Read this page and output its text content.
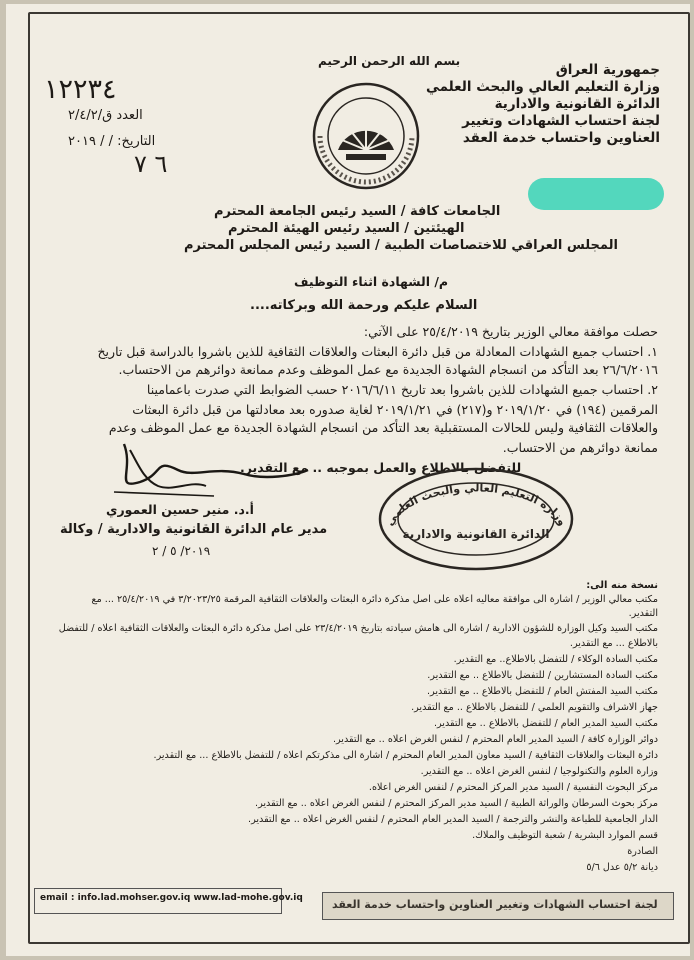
جمهورية العراق
وزارة التعليم العالي والبحث العلمي
الدائرة القانونية والادارية
لجنة احتساب الشهادات وتغيير
العناوين واحتساب خدمة العقد
بسم الله الرحمن الرحيم
١٢٢٣٤
العدد ق/٢/٤/٢
التاريخ: / / ٢٠١٩
٦ ٧
الجامعات كافة / السيد رئيس الجامعة المحترم
الهيئتين / السيد رئيس الهيئة المحترم
المجلس العراقي للاختصاصات الطبية / السيد رئيس المجلس المحترم
م/ الشهادة اثناء التوظيف
السلام عليكم ورحمة الله وبركاته....
حصلت موافقة معالي الوزير بتاريخ ٢٥/٤/٢٠١٩ على الآتي:
١. احتساب جميع الشهادات المعادلة من قبل دائرة البعثات والعلاقات الثقافية للذين باشروا بالدراسة قبل تاريخ
٢٦/٦/٢٠١٦ بعد التأكد من انسجام الشهادة الجديدة مع عمل الموظف وعدم ممانعة دوائرهم من الاحتساب.
٢. احتساب جميع الشهادات للذين باشروا بعد تاريخ ٢٠١٦/٦/١١ حسب الضوابط التي صدرت باعمامينا
المرقمين (١٩٤) في ٢٠١٩/١/٢٠ و(٢١٧) في ٢٠١٩/١/٢١ لغاية صدوره بعد معادلتها من قبل دائرة البعثات
والعلاقات الثقافية وليس للحالات المستقبلية بعد التأكد من انسجام الشهادة الجديدة مع عمل الموظف وعدم
ممانعة دوائرهم من الاحتساب.
للتفضل بالاطلاع والعمل بموجبه .. مع التقدير.
أ.د. منير حسين العموري
مدير عام الدائرة القانونية والادارية / وكالة
٢٠١٩/ ٥ / ٢
وزارة التعليم العالي والبحث العلمي
الدائرة القانونية والادارية
نسخة منه الى:
مكتب معالي الوزير / اشارة الى موافقة معاليه اعلاه على اصل مذكرة دائرة البعثات والعلاقات الثقافية المرقمة ٣/٢٠٢٣/٢٥ في ٢٥/٤/٢٠١٩ ... مع
التقدير.
مكتب السيد وكيل الوزارة للشؤون الادارية / اشارة الى هامش سيادته بتاريخ ٢٣/٤/٢٠١٩ على اصل مذكرة دائرة البعثات والعلاقات الثقافية اعلاه / للتفضل
بالاطلاع ... مع التقدير.
مكتب السادة الوكلاء / للتفضل بالاطلاع.. مع التقدير.
مكتب السادة المستشارين / للتفضل بالاطلاع .. مع التقدير.
مكتب السيد المفتش العام / للتفضل بالاطلاع .. مع التقدير.
جهاز الاشراف والتقويم العلمي / للتفضل بالاطلاع .. مع التقدير.
مكتب السيد المدير العام / للتفضل بالاطلاع .. مع التقدير.
دوائر الوزارة كافة / السيد المدير العام المحترم / لنفس الغرض اعلاه .. مع التقدير.
دائرة البعثات والعلاقات الثقافية / السيد معاون المدير العام المحترم / اشارة الى مذكرتكم اعلاه / للتفضل بالاطلاع ... مع التقدير.
وزارة العلوم والتكنولوجيا / لنفس الغرض اعلاه .. مع التقدير.
مركز البحوث النفسية / السيد مدير المركز المحترم / لنفس الغرض اعلاه.
مركز بحوث السرطان والوراثة الطبية / السيد مدير المركز المحترم / لنفس الغرض اعلاه .. مع التقدير.
الدار الجامعية للطباعة والنشر والترجمة / السيد المدير العام المحترم / لنفس الغرض اعلاه .. مع التقدير.
قسم الموارد البشرية / شعبة التوظيف والملاك.
الصادرة
ديانة ٥/٢ عدل ٥/٦
email : info.lad.mohser.gov.iq www.lad-mohe.gov.iq	لجنة احتساب الشهادات وتغيير العناوين واحتساب خدمة العقد
